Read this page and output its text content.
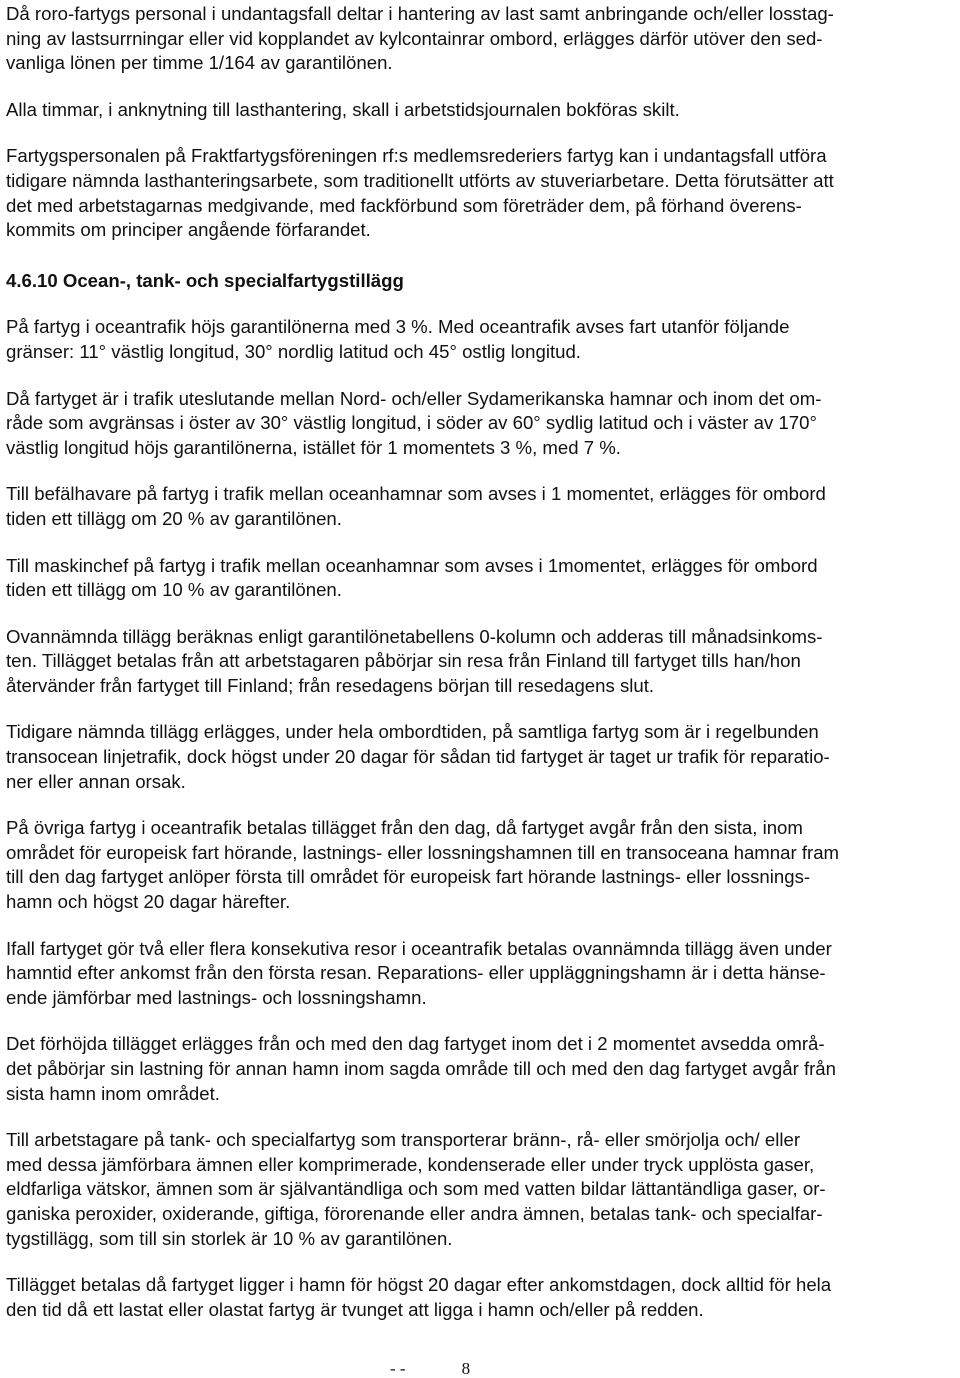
Då roro-fartygs personal i undantagsfall deltar i hantering av last samt anbringande och/eller losstag-
ning av lastsurrningar eller vid kopplandet av kylcontainrar ombord, erlägges därför utöver den sed-
vanliga lönen per timme 1/164 av garantilönen.

Alla timmar, i anknytning till lasthantering, skall i arbetstidsjournalen bokföras skilt.

Fartygspersonalen på Fraktfartygsföreningen rf:s medlemsrederiers fartyg kan i undantagsfall utföra
tidigare nämnda lasthanteringsarbete, som traditionellt utförts av stuveriarbetare. Detta förutsätter att
det med arbetstagarnas medgivande, med fackförbund som företräder dem, på förhand överens-
kommits om principer angående förfarandet.

4.6.10 Ocean-, tank- och specialfartygstillägg

På fartyg i oceantrafik höjs garantilönerna med 3 %. Med oceantrafik avses fart utanför följande
gränser: 11° västlig longitud, 30° nordlig latitud och 45° ostlig longitud.

Då fartyget är i trafik uteslutande mellan Nord- och/eller Sydamerikanska hamnar och inom det om-
råde som avgränsas i öster av 30° västlig longitud, i söder av 60° sydlig latitud och i väster av 170°
västlig longitud höjs garantilönerna, istället för 1 momentets 3 %, med 7 %.

Till befälhavare på fartyg i trafik mellan oceanhamnar som avses i 1 momentet, erlägges för ombord
tiden ett tillägg om 20 % av garantilönen.

Till maskinchef på fartyg i trafik mellan oceanhamnar som avses i 1momentet, erlägges för ombord
tiden ett tillägg om 10 % av garantilönen.

Ovannämnda tillägg beräknas enligt garantilönetabellens 0-kolumn och adderas till månadsinkoms-
ten. Tillägget betalas från att arbetstagaren påbörjar sin resa från Finland till fartyget tills han/hon
återvänder från fartyget till Finland; från resedagens början till resedagens slut.

Tidigare nämnda tillägg erlägges, under hela ombordtiden, på samtliga fartyg som är i regelbunden
transocean linjetrafik, dock högst under 20 dagar för sådan tid fartyget är taget ur trafik för reparatio-
ner eller annan orsak.

På övriga fartyg i oceantrafik betalas tillägget från den dag, då fartyget avgår från den sista, inom
området för europeisk fart hörande, lastnings- eller lossningshamnen till en transoceana hamnar fram
till den dag fartyget anlöper första till området för europeisk fart hörande lastnings- eller lossnings-
hamn och högst 20 dagar härefter.

Ifall fartyget gör två eller flera konsekutiva resor i oceantrafik betalas ovannämnda tillägg även under
hamntid efter ankomst från den första resan. Reparations- eller uppläggningshamn är i detta hänse-
ende jämförbar med lastnings- och lossningshamn.

Det förhöjda tillägget erlägges från och med den dag fartyget inom det i 2 momentet avsedda områ-
det påbörjar sin lastning för annan hamn inom sagda område till och med den dag fartyget avgår från
sista hamn inom området.

Till arbetstagare på tank- och specialfartyg som transporterar bränn-, rå- eller smörjolja och/ eller
med dessa jämförbara ämnen eller komprimerade, kondenserade eller under tryck upplösta gaser,
eldfarliga vätskor, ämnen som är självantändliga och som med vatten bildar lättantändliga gaser, or-
ganiska peroxider, oxiderande, giftiga, förorenande eller andra ämnen, betalas tank- och specialfar-
tygstillägg, som till sin storlek är 10 % av garantilönen.

Tillägget betalas då fartyget ligger i hamn för högst 20 dagar efter ankomstdagen, dock alltid för hela
den tid då ett lastat eller olastat fartyg är tvunget att ligga i hamn och/eller på redden.

- -	8
